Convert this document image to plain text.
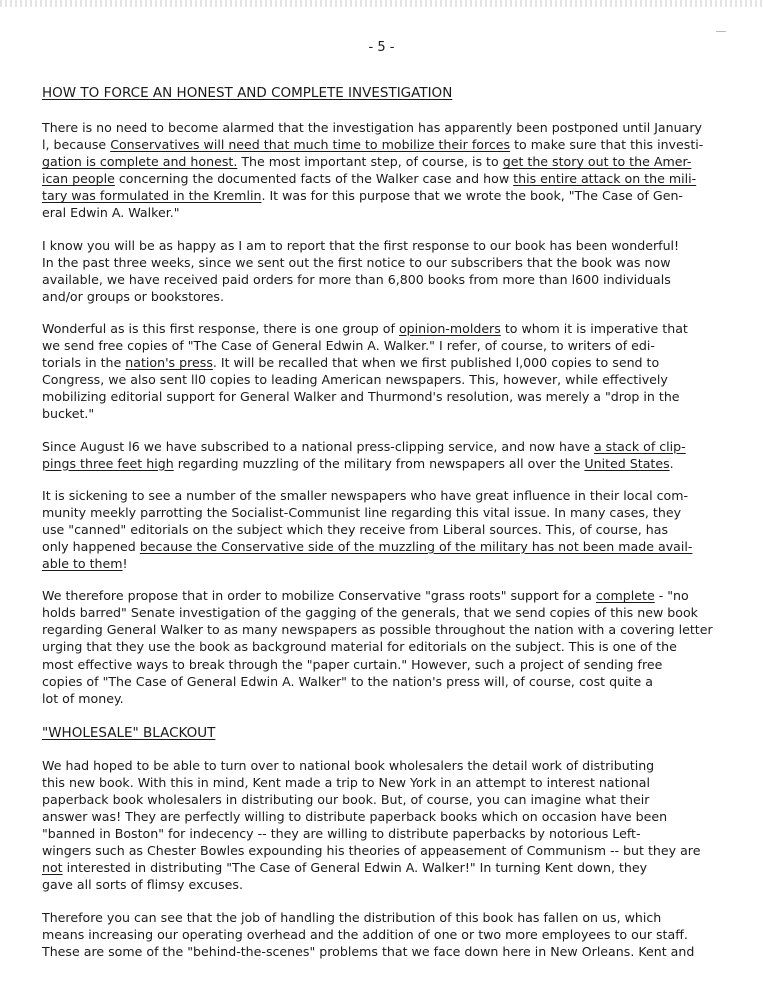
- 5 -
HOW TO FORCE AN HONEST AND COMPLETE INVESTIGATION
There is no need to become alarmed that the investigation has apparently been postponed until January
l, because Conservatives will need that much time to mobilize their forces to make sure that this investi-
gation is complete and honest. The most important step, of course, is to get the story out to the Amer-
ican people concerning the documented facts of the Walker case and how this entire attack on the mili-
tary was formulated in the Kremlin. It was for this purpose that we wrote the book, "The Case of Gen-
eral Edwin A. Walker."
I know you will be as happy as I am to report that the first response to our book has been wonderful!
In the past three weeks, since we sent out the first notice to our subscribers that the book was now
available, we have received paid orders for more than 6,800 books from more than l600 individuals
and/or groups or bookstores.
Wonderful as is this first response, there is one group of opinion-molders to whom it is imperative that
we send free copies of "The Case of General Edwin A. Walker." I refer, of course, to writers of edi-
torials in the nation's press. It will be recalled that when we first published l,000 copies to send to
Congress, we also sent ll0 copies to leading American newspapers. This, however, while effectively
mobilizing editorial support for General Walker and Thurmond's resolution, was merely a "drop in the
bucket."
Since August l6 we have subscribed to a national press-clipping service, and now have a stack of clip-
pings three feet high regarding muzzling of the military from newspapers all over the United States.
It is sickening to see a number of the smaller newspapers who have great influence in their local com-
munity meekly parrotting the Socialist-Communist line regarding this vital issue. In many cases, they
use "canned" editorials on the subject which they receive from Liberal sources. This, of course, has
only happened because the Conservative side of the muzzling of the military has not been made avail-
able to them!
We therefore propose that in order to mobilize Conservative "grass roots" support for a complete - "no
holds barred" Senate investigation of the gagging of the generals, that we send copies of this new book
regarding General Walker to as many newspapers as possible throughout the nation with a covering letter
urging that they use the book as background material for editorials on the subject. This is one of the
most effective ways to break through the "paper curtain." However, such a project of sending free
copies of "The Case of General Edwin A. Walker" to the nation's press will, of course, cost quite a
lot of money.
"WHOLESALE" BLACKOUT
We had hoped to be able to turn over to national book wholesalers the detail work of distributing
this new book. With this in mind, Kent made a trip to New York in an attempt to interest national
paperback book wholesalers in distributing our book. But, of course, you can imagine what their
answer was! They are perfectly willing to distribute paperback books which on occasion have been
"banned in Boston" for indecency -- they are willing to distribute paperbacks by notorious Left-
wingers such as Chester Bowles expounding his theories of appeasement of Communism -- but they are
not interested in distributing "The Case of General Edwin A. Walker!" In turning Kent down, they
gave all sorts of flimsy excuses.
Therefore you can see that the job of handling the distribution of this book has fallen on us, which
means increasing our operating overhead and the addition of one or two more employees to our staff.
These are some of the "behind-the-scenes" problems that we face down here in New Orleans. Kent and
